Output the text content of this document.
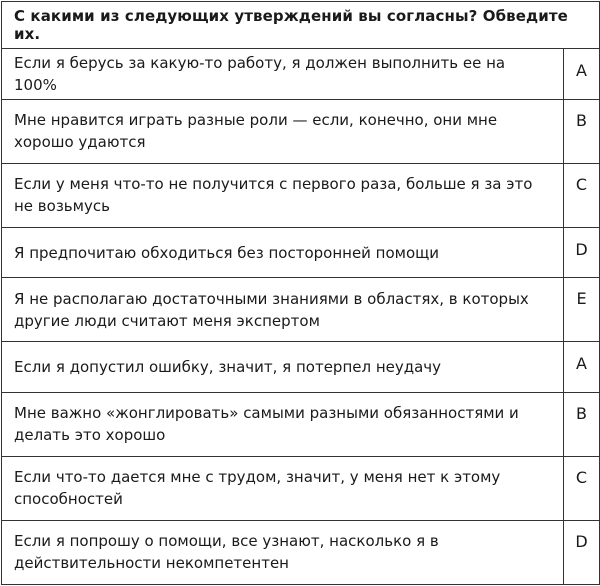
С какими из следующих утверждений вы согласны? Обведите их.	
Если я берусь за какую-то работу, я должен выполнить ее на 100%	A
Мне нравится играть разные роли — если, конечно, они мне хорошо удаются	B
Если у меня что-то не получится с первого раза, больше я за это не возьмусь	C
Я предпочитаю обходиться без посторонней помощи	D
Я не располагаю достаточными знаниями в областях, в которых другие люди считают меня экспертом	E
Если я допустил ошибку, значит, я потерпел неудачу	A
Мне важно «жонглировать» самыми разными обязанностями и делать это хорошо	B
Если что-то дается мне с трудом, значит, у меня нет к этому способностей	C
Если я попрошу о помощи, все узнают, насколько я в действительности некомпетентен	D
